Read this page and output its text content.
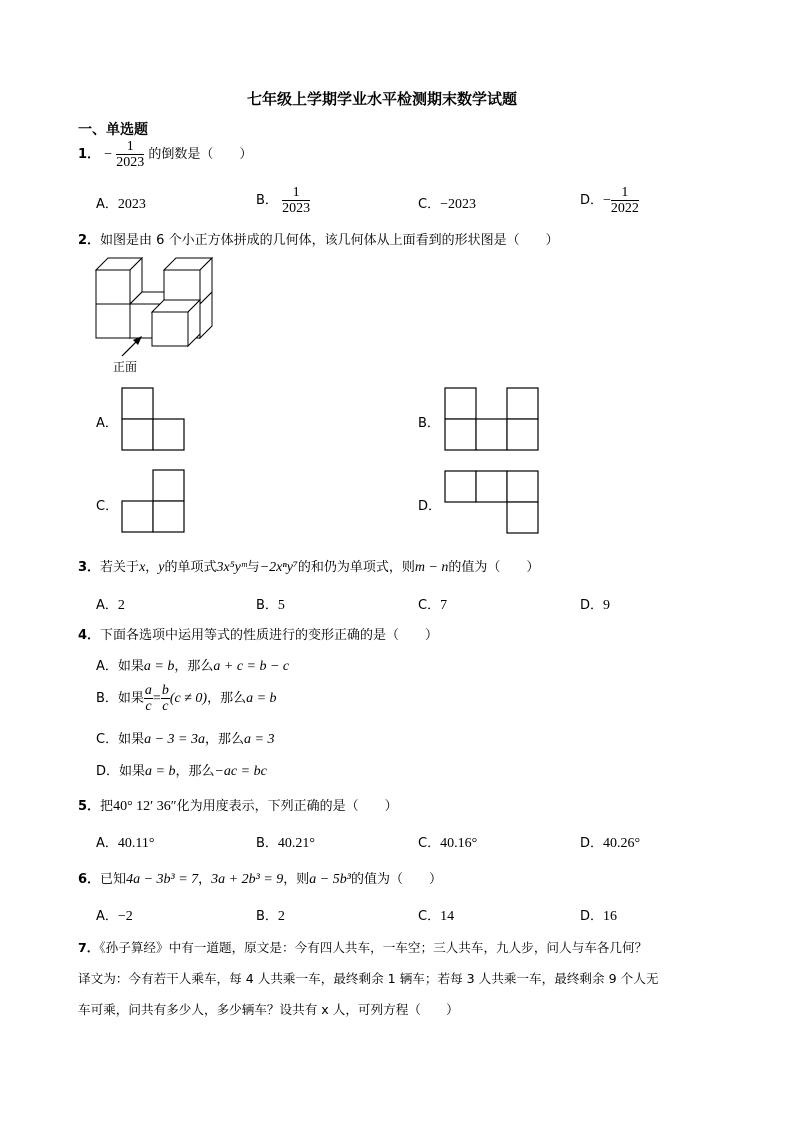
七年级上学期学业水平检测期末数学试题
一、单选题
1． − $\frac{1}{2023}$ 的倒数是（　　）
A．2023	B． $\frac{1}{2023}$	C．−2023	D．− $\frac{1}{2022}$
2．如图是由 6 个小正方体拼成的几何体，该几何体从上面看到的形状图是（　　）
正面
A．	B．
C．	D．
3．若关于x，y的单项式3x⁵yᵐ与−2xⁿy⁷的和仍为单项式，则m − n的值为（　　）
A．2	B．5	C．7	D．9
4．下面各选项中运用等式的性质进行的变形正确的是（　　）
A．如果a = b，那么a + c = b − c
B．如果 $\frac{a}{c} = \frac{b}{c} (c \ne 0)$，那么a = b
C．如果a − 3 = 3a，那么a = 3
D．如果a = b，那么−ac = bc
5．把40° 12′ 36″化为用度表示，下列正确的是（　　）
A．40.11°	B．40.21°	C．40.16°	D．40.26°
6．已知4a − 3b³ = 7，3a + 2b³ = 9，则a − 5b³的值为（　　）
A．−2	B．2	C．14	D．16
7．《孙子算经》中有一道题，原文是：今有四人共车，一车空；三人共车，九人步，问人与车各几何？
译文为：今有若干人乘车，每 4 人共乘一车，最终剩余 1 辆车；若每 3 人共乘一车，最终剩余 9 个人无
车可乘，问共有多少人，多少辆车？设共有 x 人，可列方程（　　）
